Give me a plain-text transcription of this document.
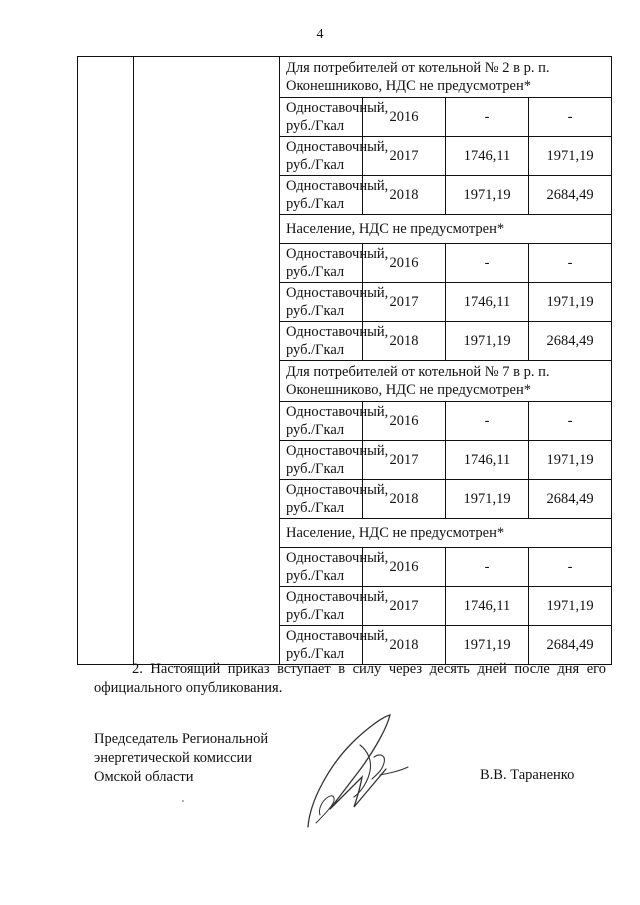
4

		Для потребителей от котельной № 2 в р. п.
Оконешниково, НДС не предусмотрен*			

		Одноставочный,
руб./Гкал	2016	-	-

		Одноставочный,
руб./Гкал	2017	1746,11	1971,19

		Одноставочный,
руб./Гкал	2018	1971,19	2684,49

		Население, НДС не предусмотрен*			

		Одноставочный,
руб./Гкал	2016	-	-

		Одноставочный,
руб./Гкал	2017	1746,11	1971,19

		Одноставочный,
руб./Гкал	2018	1971,19	2684,49

		Для потребителей от котельной № 7 в р. п.
Оконешниково, НДС не предусмотрен*			

		Одноставочный,
руб./Гкал	2016	-	-

		Одноставочный,
руб./Гкал	2017	1746,11	1971,19

		Одноставочный,
руб./Гкал	2018	1971,19	2684,49

		Население, НДС не предусмотрен*			

		Одноставочный,
руб./Гкал	2016	-	-

		Одноставочный,
руб./Гкал	2017	1746,11	1971,19

		Одноставочный,
руб./Гкал	2018	1971,19	2684,49
2. Настоящий приказ вступает в силу через десять дней после дня его
официального опубликования.
Председатель Региональной
энергетической комиссии
Омской области	В.В. Тараненко
